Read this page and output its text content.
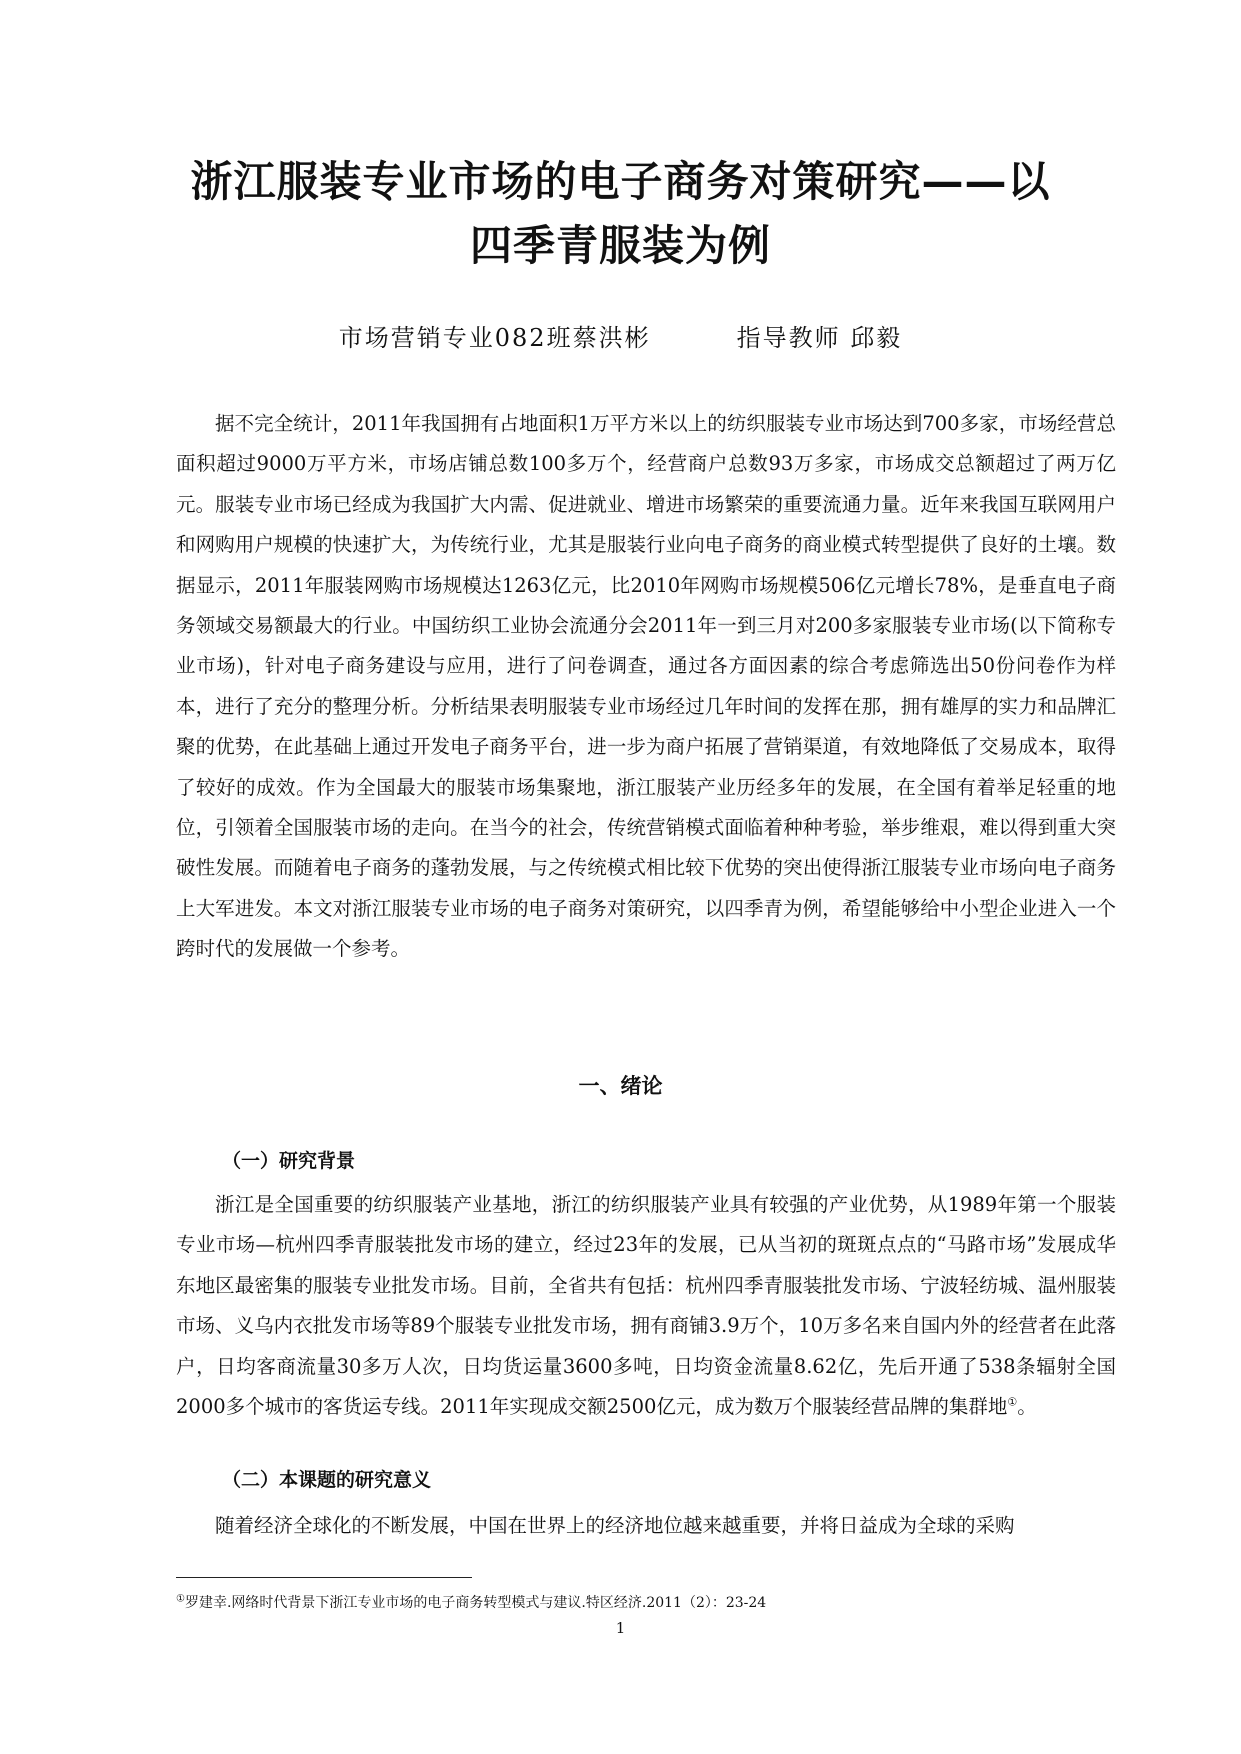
浙江服装专业市场的电子商务对策研究——以
四季青服装为例
市场营销专业082班蔡洪彬	指导教师 邱毅

据不完全统计，2011年我国拥有占地面积1万平方米以上的纺织服装专业市场达到700多家，市场经营总面积超过9000万平方米，市场店铺总数100多万个，经营商户总数93万多家，市场成交总额超过了两万亿元。服装专业市场已经成为我国扩大内需、促进就业、增进市场繁荣的重要流通力量。近年来我国互联网用户和网购用户规模的快速扩大，为传统行业，尤其是服装行业向电子商务的商业模式转型提供了良好的土壤。数据显示，2011年服装网购市场规模达1263亿元，比2010年网购市场规模506亿元增长78%，是垂直电子商务领域交易额最大的行业。中国纺织工业协会流通分会2011年一到三月对200多家服装专业市场(以下简称专业市场)，针对电子商务建设与应用，进行了问卷调查，通过各方面因素的综合考虑筛选出50份问卷作为样本，进行了充分的整理分析。分析结果表明服装专业市场经过几年时间的发挥在那，拥有雄厚的实力和品牌汇聚的优势，在此基础上通过开发电子商务平台，进一步为商户拓展了营销渠道，有效地降低了交易成本，取得了较好的成效。作为全国最大的服装市场集聚地，浙江服装产业历经多年的发展，在全国有着举足轻重的地位，引领着全国服装市场的走向。在当今的社会，传统营销模式面临着种种考验，举步维艰，难以得到重大突破性发展。而随着电子商务的蓬勃发展，与之传统模式相比较下优势的突出使得浙江服装专业市场向电子商务上大军进发。本文对浙江服装专业市场的电子商务对策研究，以四季青为例，希望能够给中小型企业进入一个跨时代的发展做一个参考。

一、绪论
（一）研究背景

浙江是全国重要的纺织服装产业基地，浙江的纺织服装产业具有较强的产业优势，从1989年第一个服装专业市场—杭州四季青服装批发市场的建立，经过23年的发展，已从当初的斑斑点点的“马路市场”发展成华东地区最密集的服装专业批发市场。目前，全省共有包括：杭州四季青服装批发市场、宁波轻纺城、温州服装市场、义乌内衣批发市场等89个服装专业批发市场，拥有商铺3.9万个，10万多名来自国内外的经营者在此落户，日均客商流量30多万人次，日均货运量3600多吨，日均资金流量8.62亿，先后开通了538条辐射全国2000多个城市的客货运专线。2011年实现成交额2500亿元，成为数万个服装经营品牌的集群地①。

（二）本课题的研究意义

随着经济全球化的不断发展，中国在世界上的经济地位越来越重要，并将日益成为全球的采购

①罗建幸.网络时代背景下浙江专业市场的电子商务转型模式与建议.特区经济.2011（2）：23-24
1
